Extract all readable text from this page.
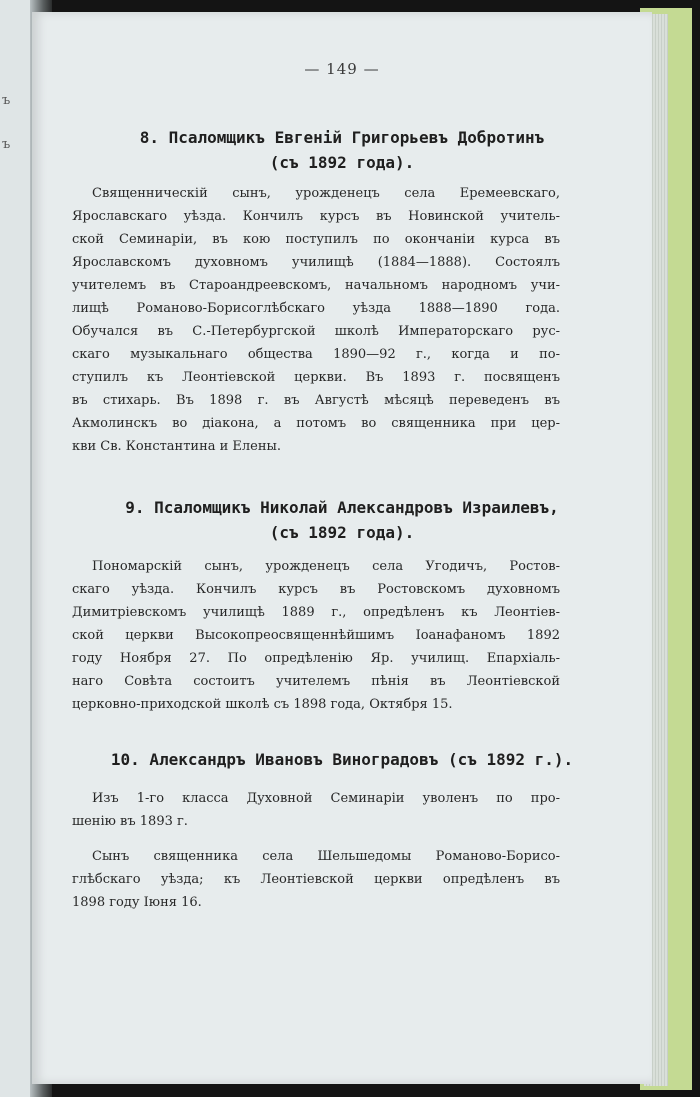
ъ
ъ
— 149 —
8. Псаломщикъ Евгеній Григорьевъ Добротинъ
(съ 1892 года).
Священническій сынъ, урожденецъ села Еремеевскаго,
Ярославскаго уѣзда. Кончилъ курсъ въ Новинской учитель-
ской Семинаріи, въ кою поступилъ по окончаніи курса въ
Ярославскомъ духовномъ училищѣ (1884—1888). Состоялъ
учителемъ въ Староандреевскомъ, начальномъ народномъ учи-
лищѣ Романово-Борисоглѣбскаго уѣзда 1888—1890 года.
Обучался въ С.-Петербургской школѣ Императорскаго рус-
скаго музыкальнаго общества 1890—92 г., когда и по-
ступилъ къ Леонтіевской церкви. Въ 1893 г. посвященъ
въ стихарь. Въ 1898 г. въ Августѣ мѣсяцѣ переведенъ въ
Акмолинскъ во діакона, а потомъ во священника при цер-
кви Св. Константина и Елены.
9. Псаломщикъ Николай Александровъ Израилевъ,
(съ 1892 года).
Пономарскій сынъ, урожденецъ села Угодичъ, Ростов-
скаго уѣзда. Кончилъ курсъ въ Ростовскомъ духовномъ
Димитріевскомъ училищѣ 1889 г., опредѣленъ къ Леонтіев-
ской церкви Высокопреосвященнѣйшимъ Іоанафаномъ 1892
году Ноября 27. По опредѣленію Яр. училищ. Епархіаль-
наго Совѣта состоитъ учителемъ пѣнія въ Леонтіевской
церковно-приходской школѣ съ 1898 года, Октября 15.
10. Александръ Ивановъ Виноградовъ (съ 1892 г.).
Изъ 1-го класса Духовной Семинаріи уволенъ по про-
шенію въ 1893 г.
Сынъ священника села Шельшедомы Романово-Борисо-
глѣбскаго уѣзда; къ Леонтіевской церкви опредѣленъ въ
1898 году Іюня 16.
